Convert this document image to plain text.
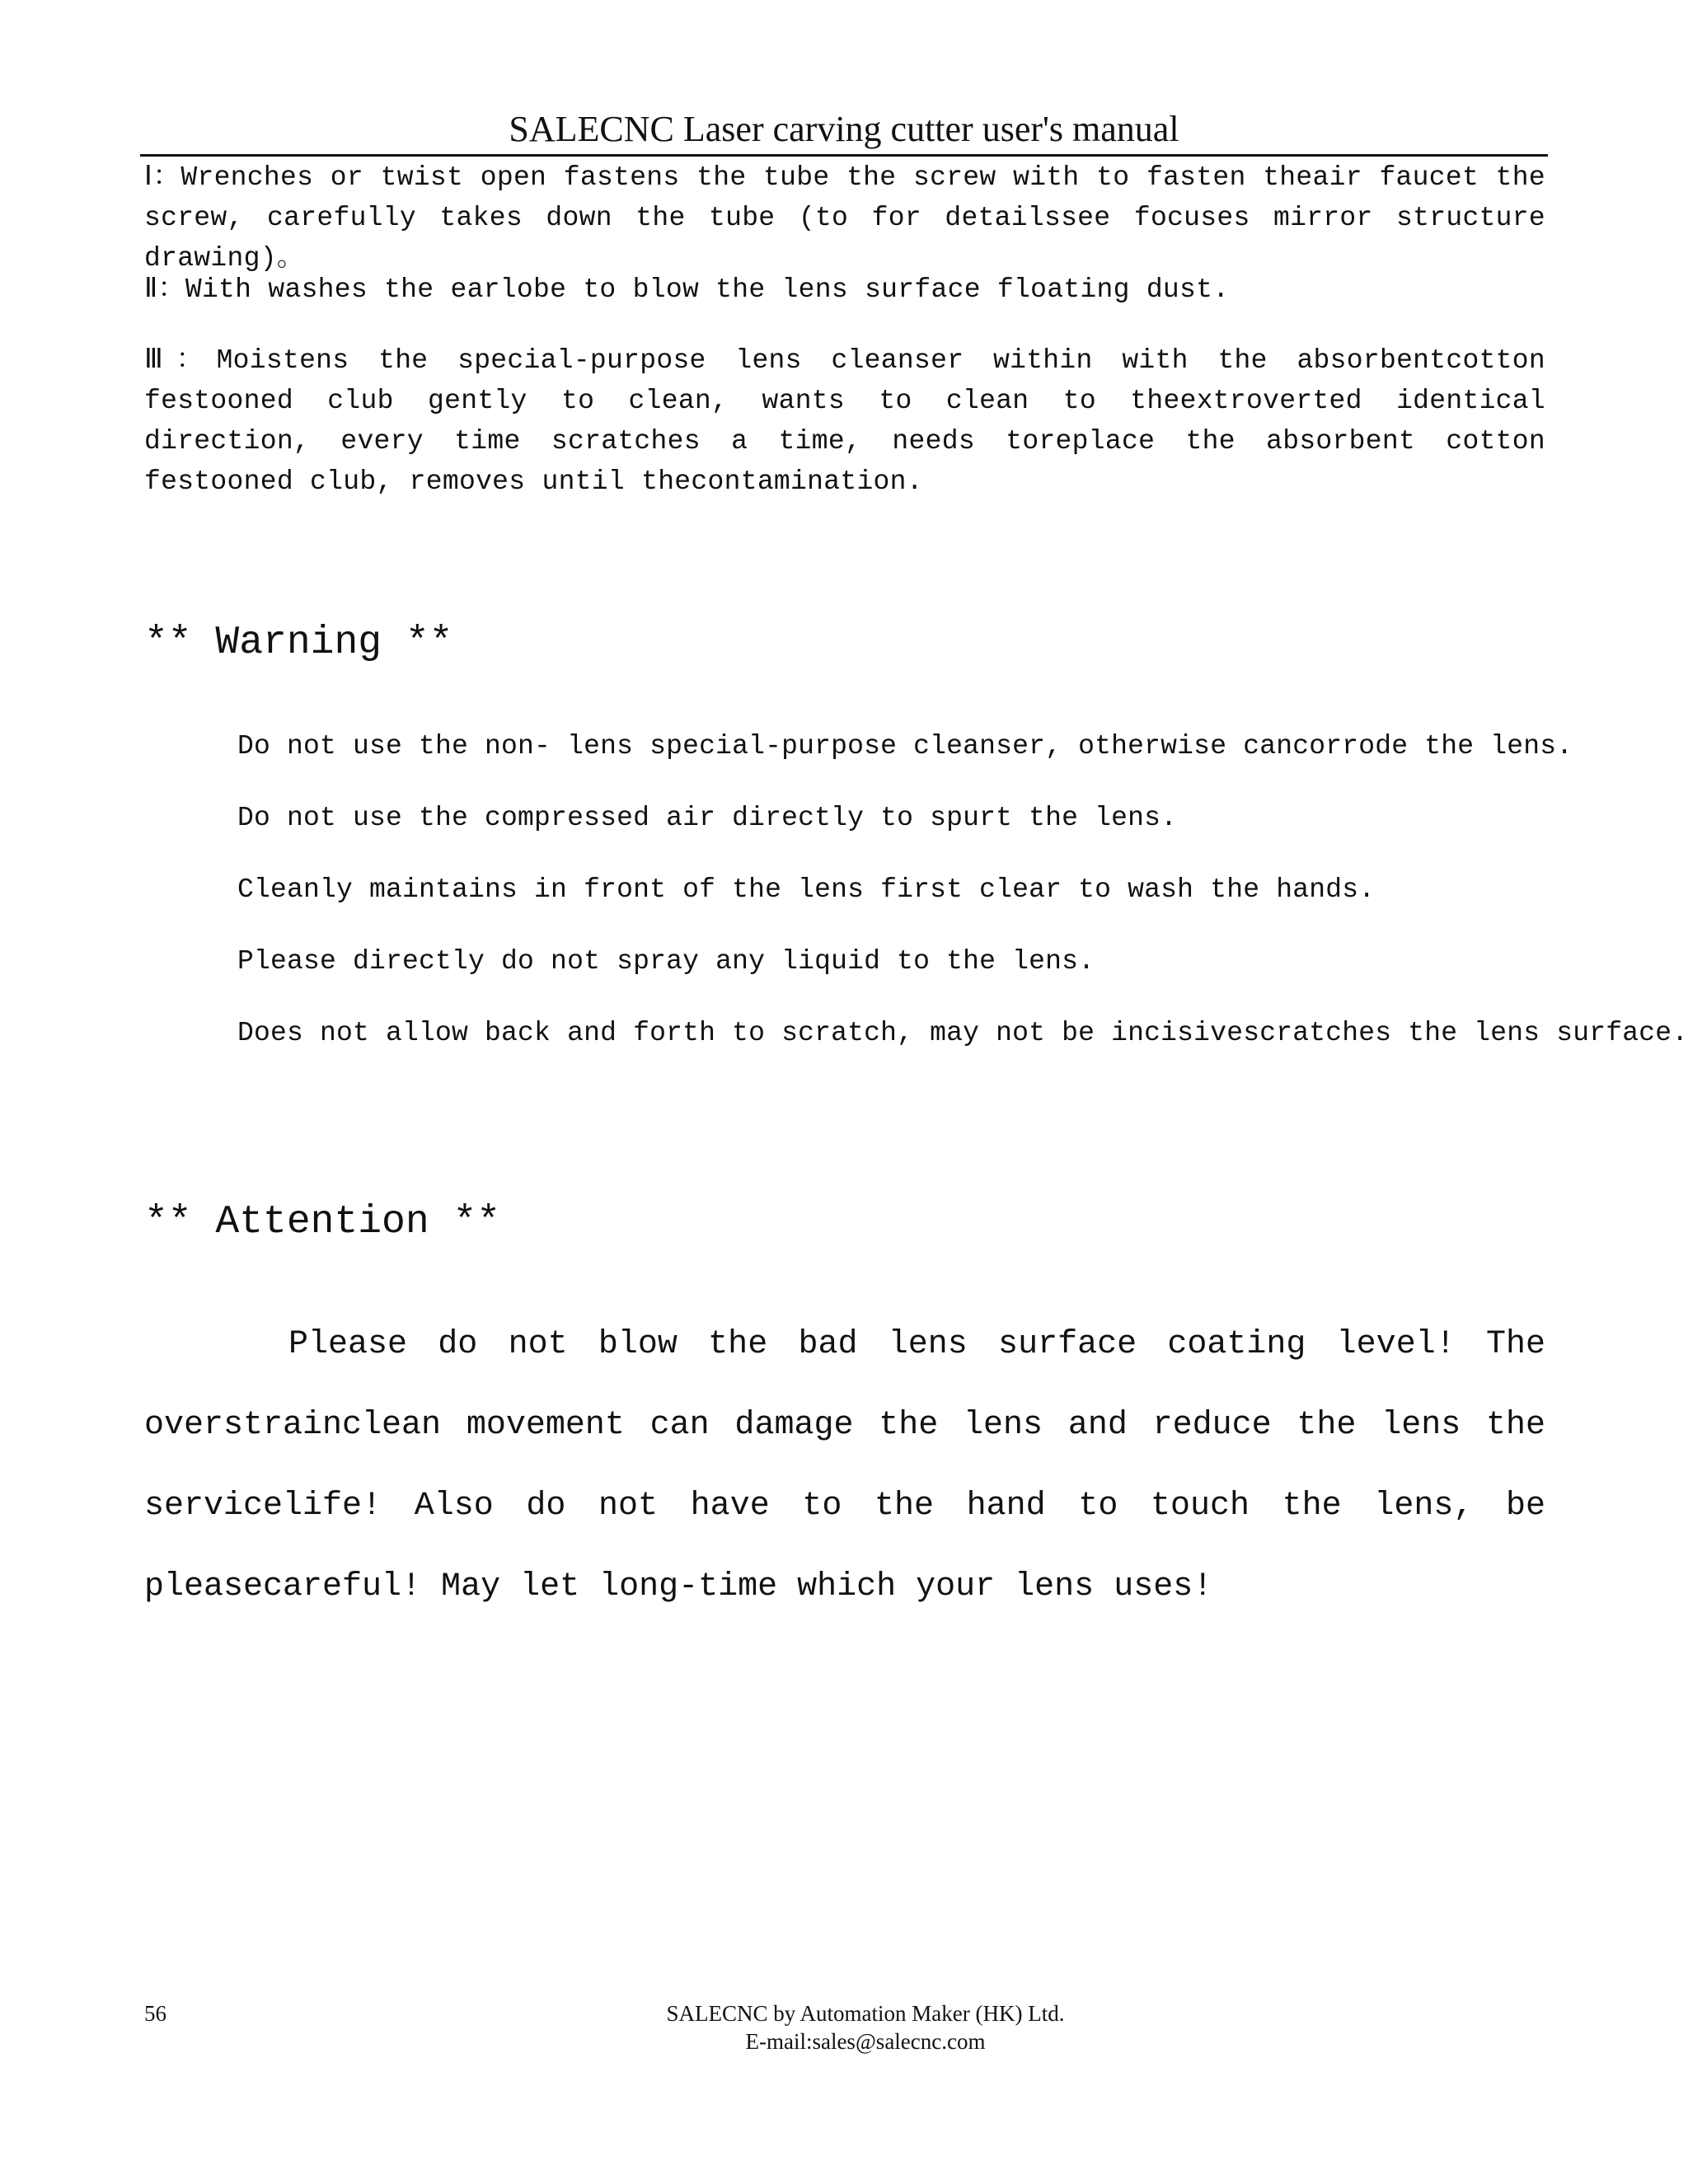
SALECNC Laser carving cutter user's manual

Ⅰ：Wrenches or twist open fastens the tube the screw with to fasten theair faucet the screw, carefully takes down the tube (to for detailssee focuses mirror structure drawing)。

Ⅱ：With washes the earlobe to blow the lens surface floating dust.

Ⅲ：Moistens the special-purpose lens cleanser within with the absorbentcotton festooned club gently to clean, wants to clean to theextroverted identical direction, every time scratches a time, needs toreplace the absorbent cotton festooned club, removes until thecontamination.

** Warning **
Do not use the non- lens special-purpose cleanser, otherwise cancorrode the lens.
Do not use the compressed air directly to spurt the lens.
Cleanly maintains in front of the lens first clear to wash the hands.
Please directly do not spray any liquid to the lens.
Does not allow back and forth to scratch, may not be incisivescratches the lens surface.
** Attention **

Please do not blow the bad lens surface coating level! The overstrainclean movement can damage the lens and reduce the lens the servicelife! Also do not have to the hand to touch the lens, be pleasecareful! May let long-time which your lens uses!

56	SALECNC by Automation Maker (HK) Ltd.
E-mail:sales@salecnc.com
